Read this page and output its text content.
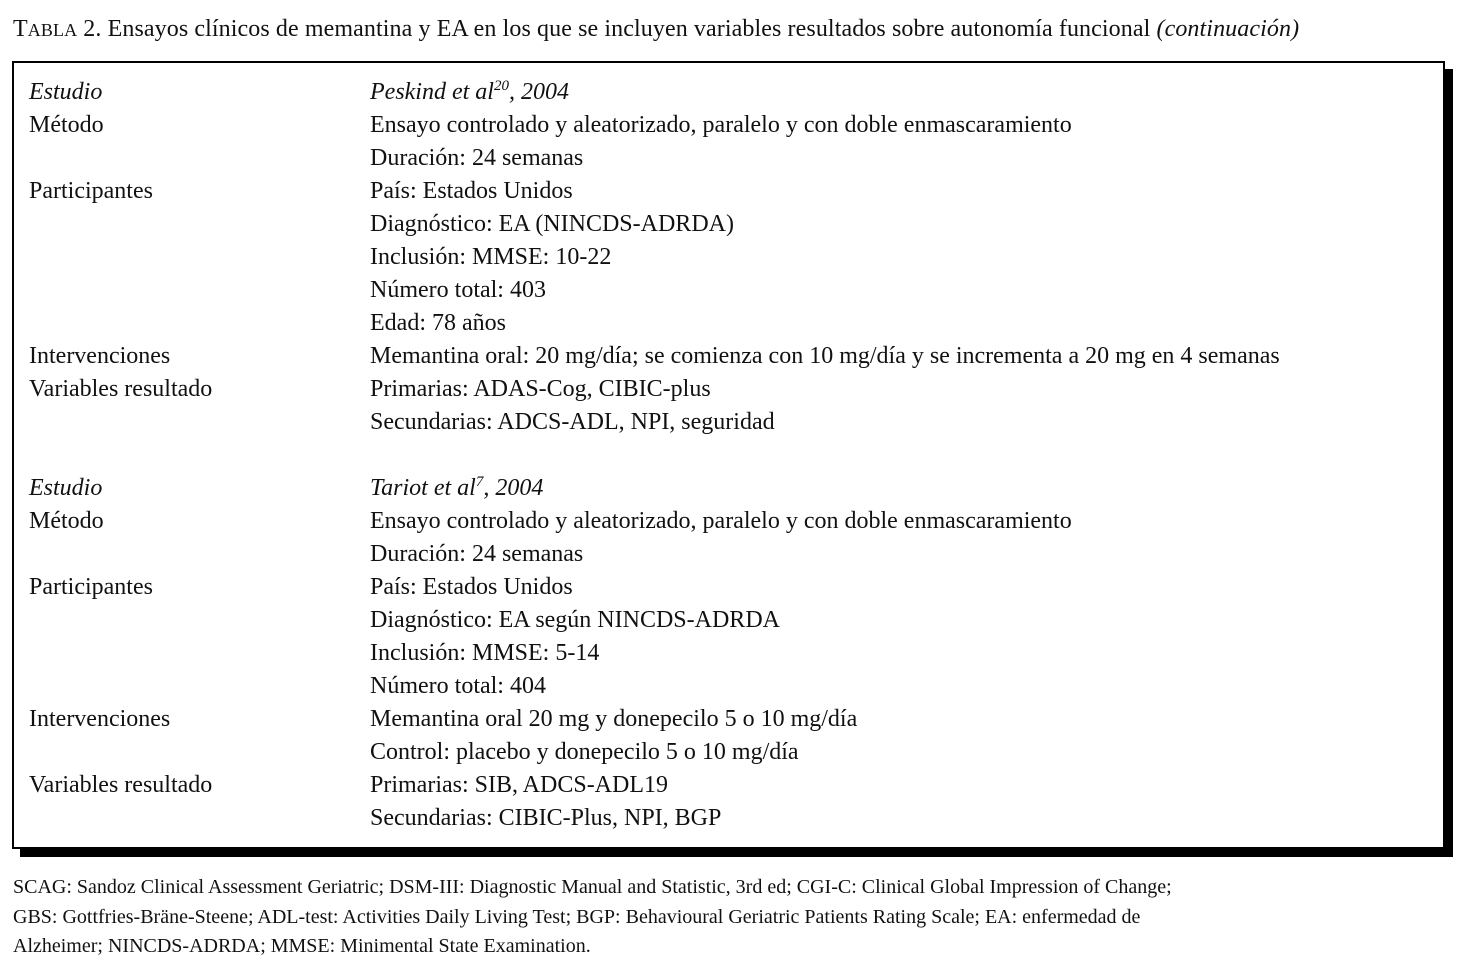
TABLA 2. Ensayos clínicos de memantina y EA en los que se incluyen variables resultados sobre autonomía funcional (continuación)
Estudio	Peskind et $al^{20}$, 2004
Método	Ensayo controlado y aleatorizado, paralelo y con doble enmascaramiento
Duración: 24 semanas
Participantes	País: Estados Unidos
Diagnóstico: EA (NINCDS-ADRDA)
Inclusión: MMSE: 10-22
Número total: 403
Edad: 78 años
Intervenciones	Memantina oral: 20 mg/día; se comienza con 10 mg/día y se incrementa a 20 mg en 4 semanas
Variables resultado	Primarias: ADAS-Cog, CIBIC-plus
Secundarias: ADCS-ADL, NPI, seguridad
Estudio	Tariot et $al^7$, 2004
Método	Ensayo controlado y aleatorizado, paralelo y con doble enmascaramiento
Duración: 24 semanas
Participantes	País: Estados Unidos
Diagnóstico: EA según NINCDS-ADRDA
Inclusión: MMSE: 5-14
Número total: 404
Intervenciones	Memantina oral 20 mg y donepecilo 5 o 10 mg/día
Control: placebo y donepecilo 5 o 10 mg/día
Variables resultado	Primarias: SIB, ADCS-ADL19
Secundarias: CIBIC-Plus, NPI, BGP
SCAG: Sandoz Clinical Assessment Geriatric; DSM-III: Diagnostic Manual and Statistic, 3rd ed; CGI-C: Clinical Global Impression of Change;
GBS: Gottfries-Bräne-Steene; ADL-test: Activities Daily Living Test; BGP: Behavioural Geriatric Patients Rating Scale; EA: enfermedad de
Alzheimer; NINCDS-ADRDA; MMSE: Minimental State Examination.
